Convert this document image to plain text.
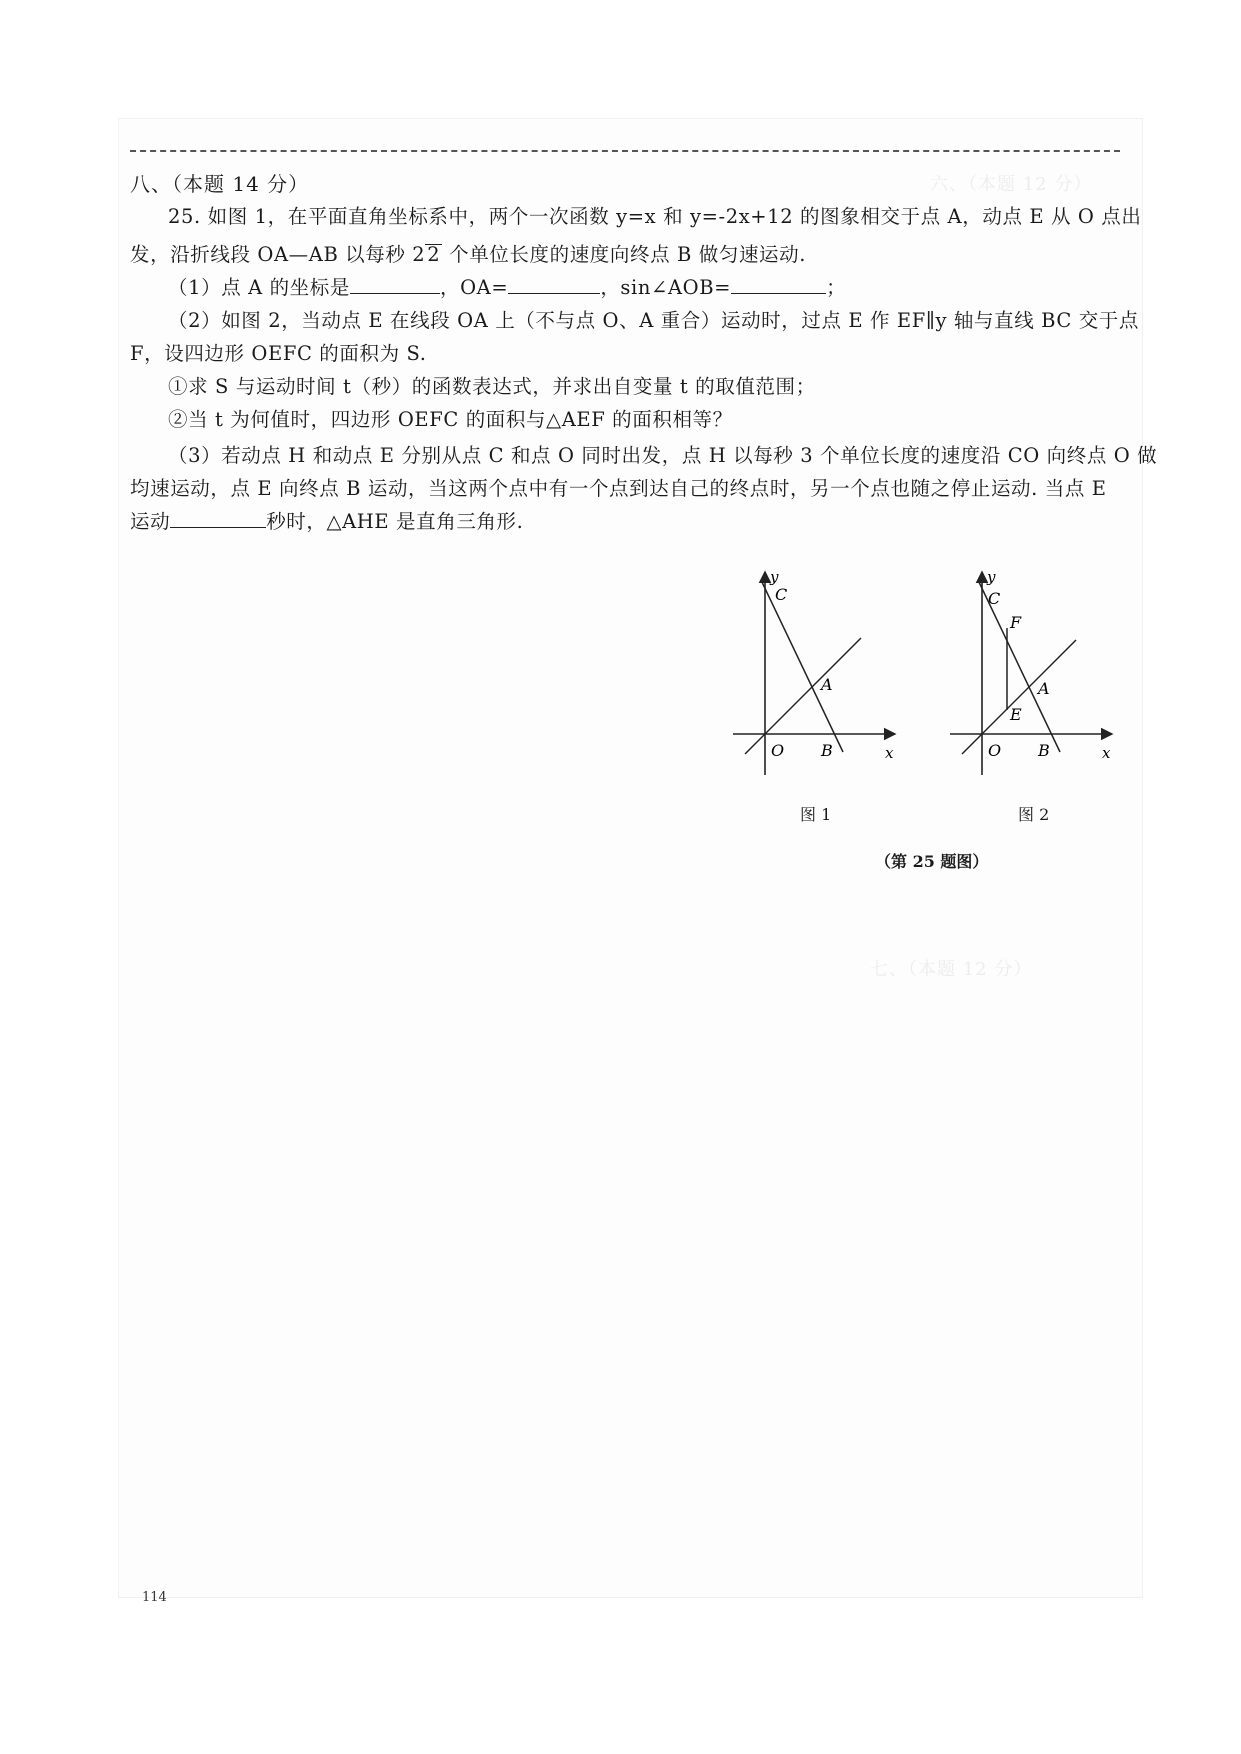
六、（本题 12 分）
七、（本题 12 分）
八、（本题 14 分）
25. 如图 1，在平面直角坐标系中，两个一次函数 y=x 和 y=-2x+12 的图象相交于点 A，动点 E 从 O 点出
发，沿折线段 OA—AB 以每秒 2 2 个单位长度的速度向终点 B 做匀速运动.
（1）点 A 的坐标是	，OA=	，sin∠AOB=	；
（2）如图 2，当动点 E 在线段 OA 上（不与点 O、A 重合）运动时，过点 E 作 EF∥y 轴与直线 BC 交于点
F，设四边形 OEFC 的面积为 S.
①求 S 与运动时间 t（秒）的函数表达式，并求出自变量 t 的取值范围；
②当 t 为何值时，四边形 OEFC 的面积与△AEF 的面积相等？
（3）若动点 H 和动点 E 分别从点 C 和点 O 同时出发，点 H 以每秒 3 个单位长度的速度沿 CO 向终点 O 做
均速运动，点 E 向终点 B 运动，当这两个点中有一个点到达自己的终点时，另一个点也随之停止运动. 当点 E
运动	秒时，△AHE 是直角三角形.
y
C
A
O B	x
y
C
F
A
E
O B	x
图 1	图 2
（第 25 题图）
114
